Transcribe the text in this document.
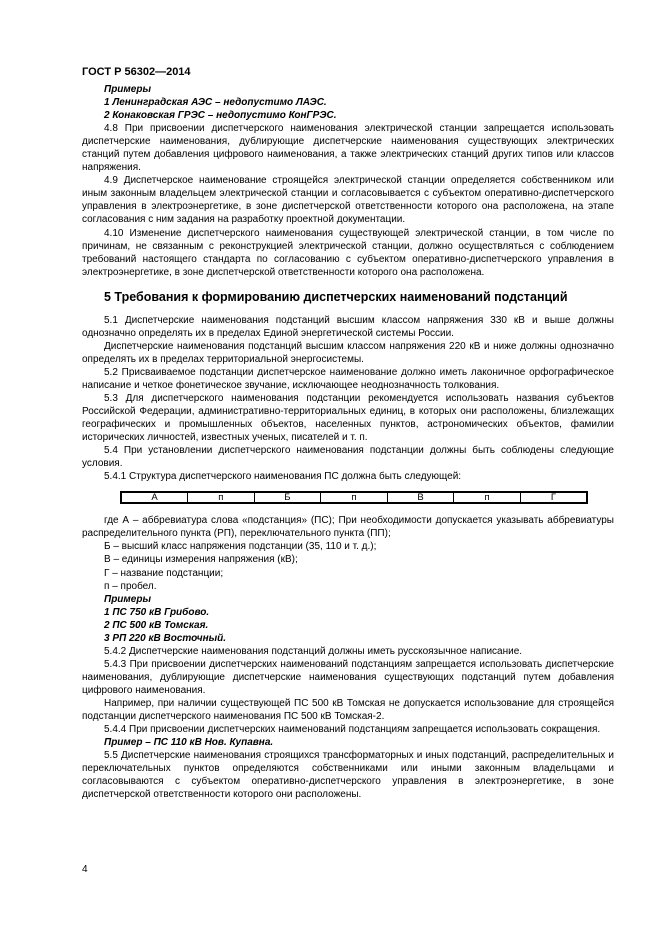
ГОСТ Р 56302—2014

Примеры

1 Ленинградская АЭС – недопустимо ЛАЭС.

2 Конаковская ГРЭС – недопустимо КонГРЭС.

4.8 При присвоении диспетчерского наименования электрической станции запрещается использовать диспетчерские наименования, дублирующие диспетчерские наименования существующих электрических станций путем добавления цифрового наименования, а также электрических станций других типов или классов напряжения.

4.9 Диспетчерское наименование строящейся электрической станции определяется собственником или иным законным владельцем электрической станции и согласовывается с субъектом оперативно-диспетчерского управления в электроэнергетике, в зоне диспетчерской ответственности которого она расположена, на этапе согласования с ним задания на разработку проектной документации.

4.10 Изменение диспетчерского наименования существующей электрической станции, в том числе по причинам, не связанным с реконструкцией электрической станции, должно осуществляться с соблюдением требований настоящего стандарта по согласованию с субъектом оперативно-диспетчерского управления в электроэнергетике, в зоне диспетчерской ответственности которого она расположена.

5 Требования к формированию диспетчерских наименований подстанций

5.1 Диспетчерские наименования подстанций высшим классом напряжения 330 кВ и выше должны однозначно определять их в пределах Единой энергетической системы России.

Диспетчерские наименования подстанций высшим классом напряжения 220 кВ и ниже должны однозначно определять их в пределах территориальной энергосистемы.

5.2 Присваиваемое подстанции диспетчерское наименование должно иметь лаконичное орфографическое написание и четкое фонетическое звучание, исключающее неоднозначность толкования.

5.3 Для диспетчерского наименования подстанции рекомендуется использовать названия субъектов Российской Федерации, административно-территориальных единиц, в которых они расположены, близлежащих географических и промышленных объектов, населенных пунктов, астрономических объектов, фамилии исторических личностей, известных ученых, писателей и т. п.

5.4 При установлении диспетчерского наименования подстанции должны быть соблюдены следующие условия.

5.4.1 Структура диспетчерского наименования ПС должна быть следующей:

А	п	Б	п	В	п	Г

где А – аббревиатура слова «подстанция» (ПС); При необходимости допускается указывать аббревиатуры распределительного пункта (РП), переключательного пункта (ПП);

Б – высший класс напряжения подстанции (35, 110 и т. д.);

В – единицы измерения напряжения (кВ);

Г – название подстанции;

п – пробел.

Примеры

1 ПС 750 кВ Грибово.

2 ПС 500 кВ Томская.

3 РП 220 кВ Восточный.

5.4.2 Диспетчерские наименования подстанций должны иметь русскоязычное написание.

5.4.3 При присвоении диспетчерских наименований подстанциям запрещается использовать диспетчерские наименования, дублирующие диспетчерские наименования существующих подстанций путем добавления цифрового наименования.

Например, при наличии существующей ПС 500 кВ Томская не допускается использование для строящейся подстанции диспетчерского наименования ПС 500 кВ Томская-2.

5.4.4 При присвоении диспетчерских наименований подстанциям запрещается использовать сокращения.

Пример – ПС 110 кВ Нов. Купавна.

5.5 Диспетчерские наименования строящихся трансформаторных и иных подстанций, распределительных и переключательных пунктов определяются собственниками или иными законным владельцами и согласовываются с субъектом оперативно-диспетчерского управления в электроэнергетике, в зоне диспетчерской ответственности которого они расположены.

4
